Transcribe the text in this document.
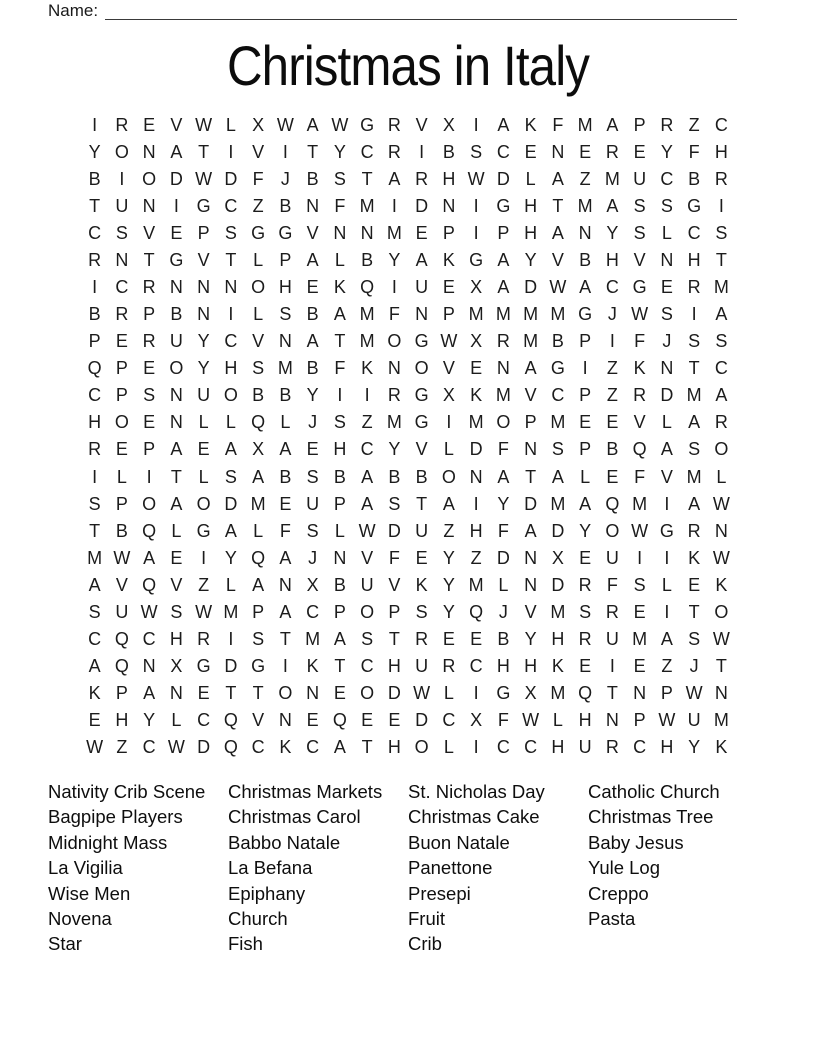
Name:
Christmas in Italy
I R E V W L X W A W G R V X I A K F M A P R Z C
Y O N A T I V I T Y C R I B S C E N E R E Y F H
B I O D W D F J B S T A R H W D L A Z M U C B R
T U N I G C Z B N F M I D N I G H T M A S S G I
C S V E P S G G V N N M E P I P H A N Y S L C S
R N T G V T L P A L B Y A K G A Y V B H V N H T
I C R N N N O H E K Q I U E X A D W A C G E R M
B R P B N I L S B A M F N P M M M M G J W S I A
P E R U Y C V N A T M O G W X R M B P I F J S S
Q P E O Y H S M B F K N O V E N A G I Z K N T C
C P S N U O B B Y I I R G X K M V C P Z R D M A
H O E N L L Q L J S Z M G I M O P M E E V L A R
R E P A E A X A E H C Y V L D F N S P B Q A S O
I L I T L S A B S B A B B O N A T A L E F V M L
S P O A O D M E U P A S T A I Y D M A Q M I A W
T B Q L G A L F S L W D U Z H F A D Y O W G R N
M W A E I Y Q A J N V F E Y Z D N X E U I I K W
A V Q V Z L A N X B U V K Y M L N D R F S L E K
S U W S W M P A C P O P S Y Q J V M S R E I T O
C Q C H R I S T M A S T R E E B Y H R U M A S W
A Q N X G D G I K T C H U R C H H K E I E Z J T
K P A N E T T O N E O D W L I G X M Q T N P W N
E H Y L C Q V N E Q E E D C X F W L H N P W U M
W Z C W D Q C K C A T H O L I C C H U R C H Y K
Nativity Crib Scene
Bagpipe Players
Midnight Mass
La Vigilia
Wise Men
Novena
Star
Christmas Markets
Christmas Carol
Babbo Natale
La Befana
Epiphany
Church
Fish
St. Nicholas Day
Christmas Cake
Buon Natale
Panettone
Presepi
Fruit
Crib
Catholic Church
Christmas Tree
Baby Jesus
Yule Log
Creppo
Pasta
